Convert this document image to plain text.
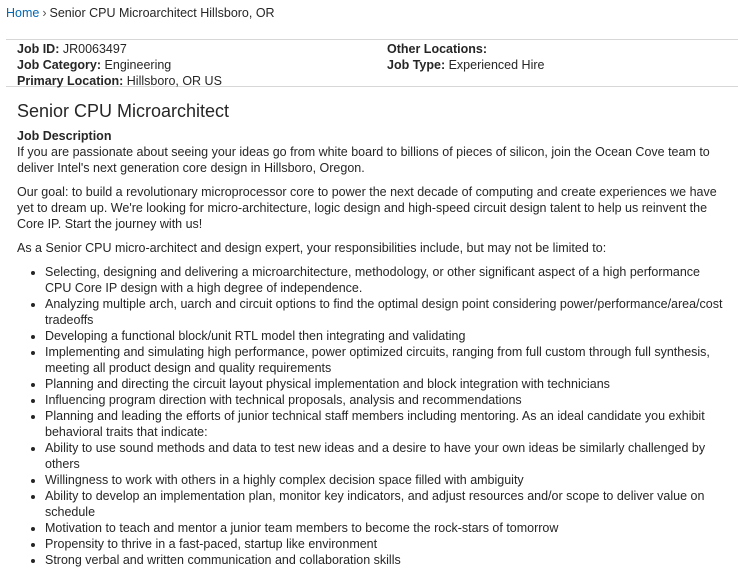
Home › Senior CPU Microarchitect Hillsboro, OR
Job ID: JR0063497
Job Category: Engineering
Primary Location: Hillsboro, OR US
Other Locations:
Job Type: Experienced Hire
Senior CPU Microarchitect

Job Description

If you are passionate about seeing your ideas go from white board to billions of pieces of silicon, join the Ocean Cove team to deliver Intel's next generation core design in Hillsboro, Oregon.

Our goal: to build a revolutionary microprocessor core to power the next decade of computing and create experiences we have yet to dream up. We're looking for micro-architecture, logic design and high-speed circuit design talent to help us reinvent the Core IP. Start the journey with us!

As a Senior CPU micro-architect and design expert, your responsibilities include, but may not be limited to:

• Selecting, designing and delivering a microarchitecture, methodology, or other significant aspect of a high performance CPU Core IP design with a high degree of independence.
• Analyzing multiple arch, uarch and circuit options to find the optimal design point considering power/performance/area/cost tradeoffs
• Developing a functional block/unit RTL model then integrating and validating
• Implementing and simulating high performance, power optimized circuits, ranging from full custom through full synthesis, meeting all product design and quality requirements
• Planning and directing the circuit layout physical implementation and block integration with technicians
• Influencing program direction with technical proposals, analysis and recommendations
• Planning and leading the efforts of junior technical staff members including mentoring. As an ideal candidate you exhibit behavioral traits that indicate:
• Ability to use sound methods and data to test new ideas and a desire to have your own ideas be similarly challenged by others
• Willingness to work with others in a highly complex decision space filled with ambiguity
• Ability to develop an implementation plan, monitor key indicators, and adjust resources and/or scope to deliver value on schedule
• Motivation to teach and mentor a junior team members to become the rock-stars of tomorrow
• Propensity to thrive in a fast-paced, startup like environment
• Strong verbal and written communication and collaboration skills
